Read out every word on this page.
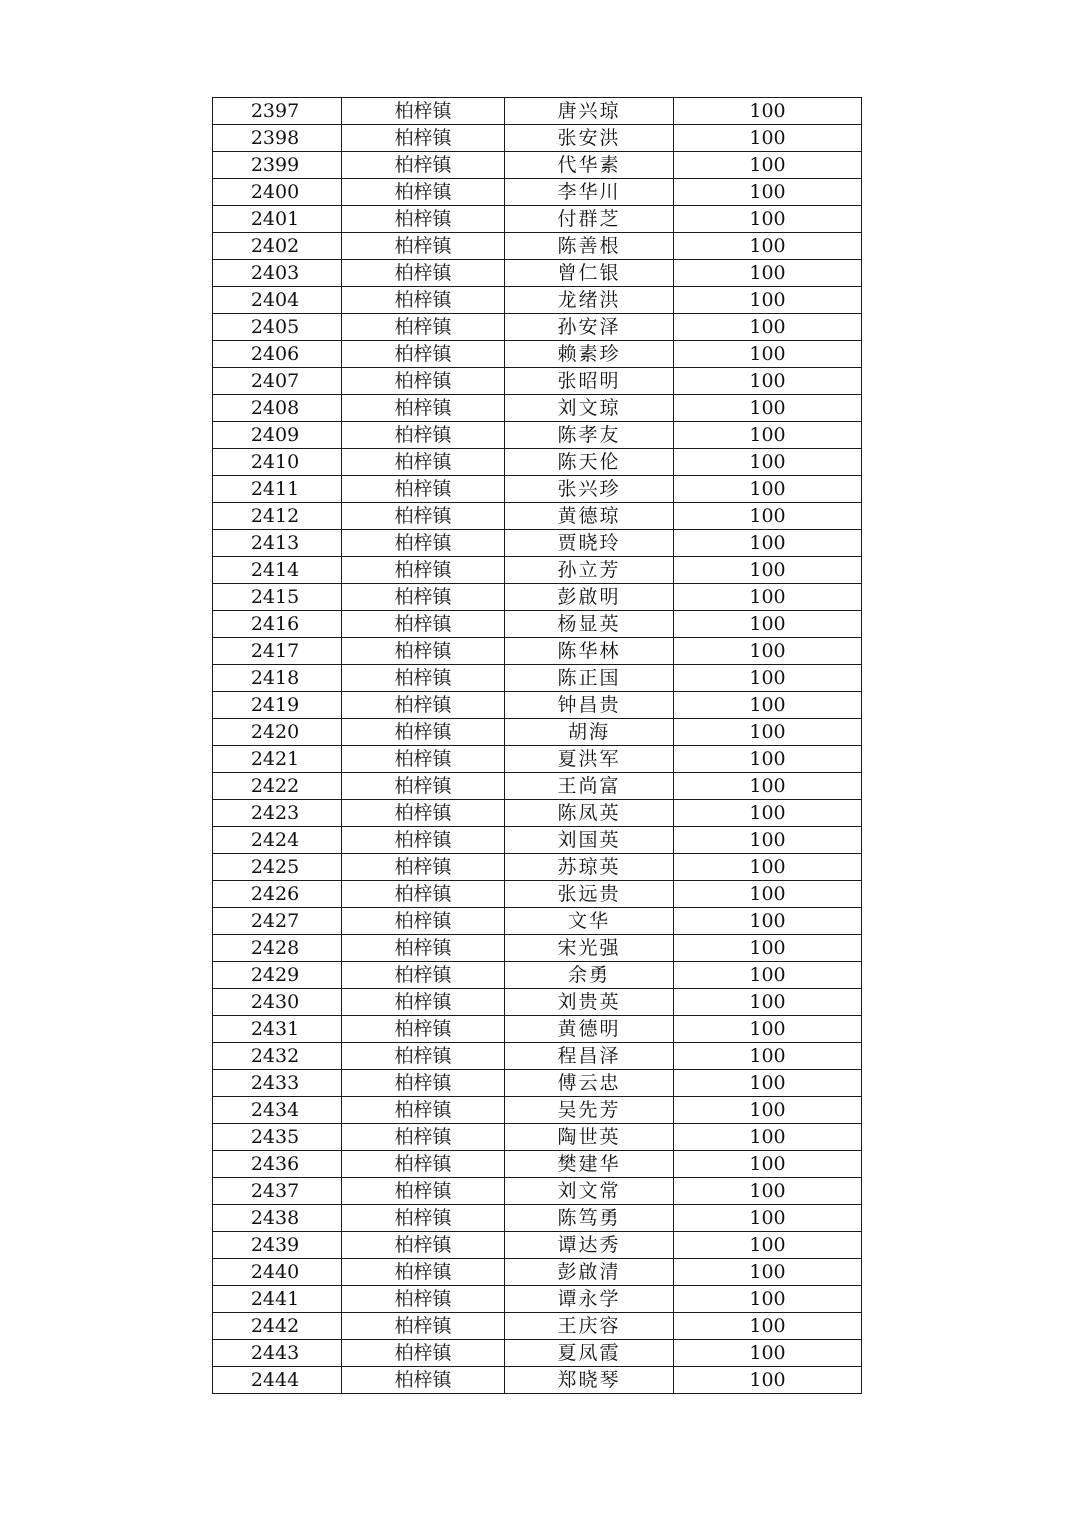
2397	柏梓镇	唐兴琼	100
2398	柏梓镇	张安洪	100
2399	柏梓镇	代华素	100
2400	柏梓镇	李华川	100
2401	柏梓镇	付群芝	100
2402	柏梓镇	陈善根	100
2403	柏梓镇	曾仁银	100
2404	柏梓镇	龙绪洪	100
2405	柏梓镇	孙安泽	100
2406	柏梓镇	赖素珍	100
2407	柏梓镇	张昭明	100
2408	柏梓镇	刘文琼	100
2409	柏梓镇	陈孝友	100
2410	柏梓镇	陈天伦	100
2411	柏梓镇	张兴珍	100
2412	柏梓镇	黄德琼	100
2413	柏梓镇	贾晓玲	100
2414	柏梓镇	孙立芳	100
2415	柏梓镇	彭啟明	100
2416	柏梓镇	杨显英	100
2417	柏梓镇	陈华林	100
2418	柏梓镇	陈正国	100
2419	柏梓镇	钟昌贵	100
2420	柏梓镇	胡海	100
2421	柏梓镇	夏洪军	100
2422	柏梓镇	王尚富	100
2423	柏梓镇	陈凤英	100
2424	柏梓镇	刘国英	100
2425	柏梓镇	苏琼英	100
2426	柏梓镇	张远贵	100
2427	柏梓镇	文华	100
2428	柏梓镇	宋光强	100
2429	柏梓镇	余勇	100
2430	柏梓镇	刘贵英	100
2431	柏梓镇	黄德明	100
2432	柏梓镇	程昌泽	100
2433	柏梓镇	傅云忠	100
2434	柏梓镇	吴先芳	100
2435	柏梓镇	陶世英	100
2436	柏梓镇	樊建华	100
2437	柏梓镇	刘文常	100
2438	柏梓镇	陈笃勇	100
2439	柏梓镇	谭达秀	100
2440	柏梓镇	彭啟清	100
2441	柏梓镇	谭永学	100
2442	柏梓镇	王庆容	100
2443	柏梓镇	夏凤霞	100
2444	柏梓镇	郑晓琴	100
